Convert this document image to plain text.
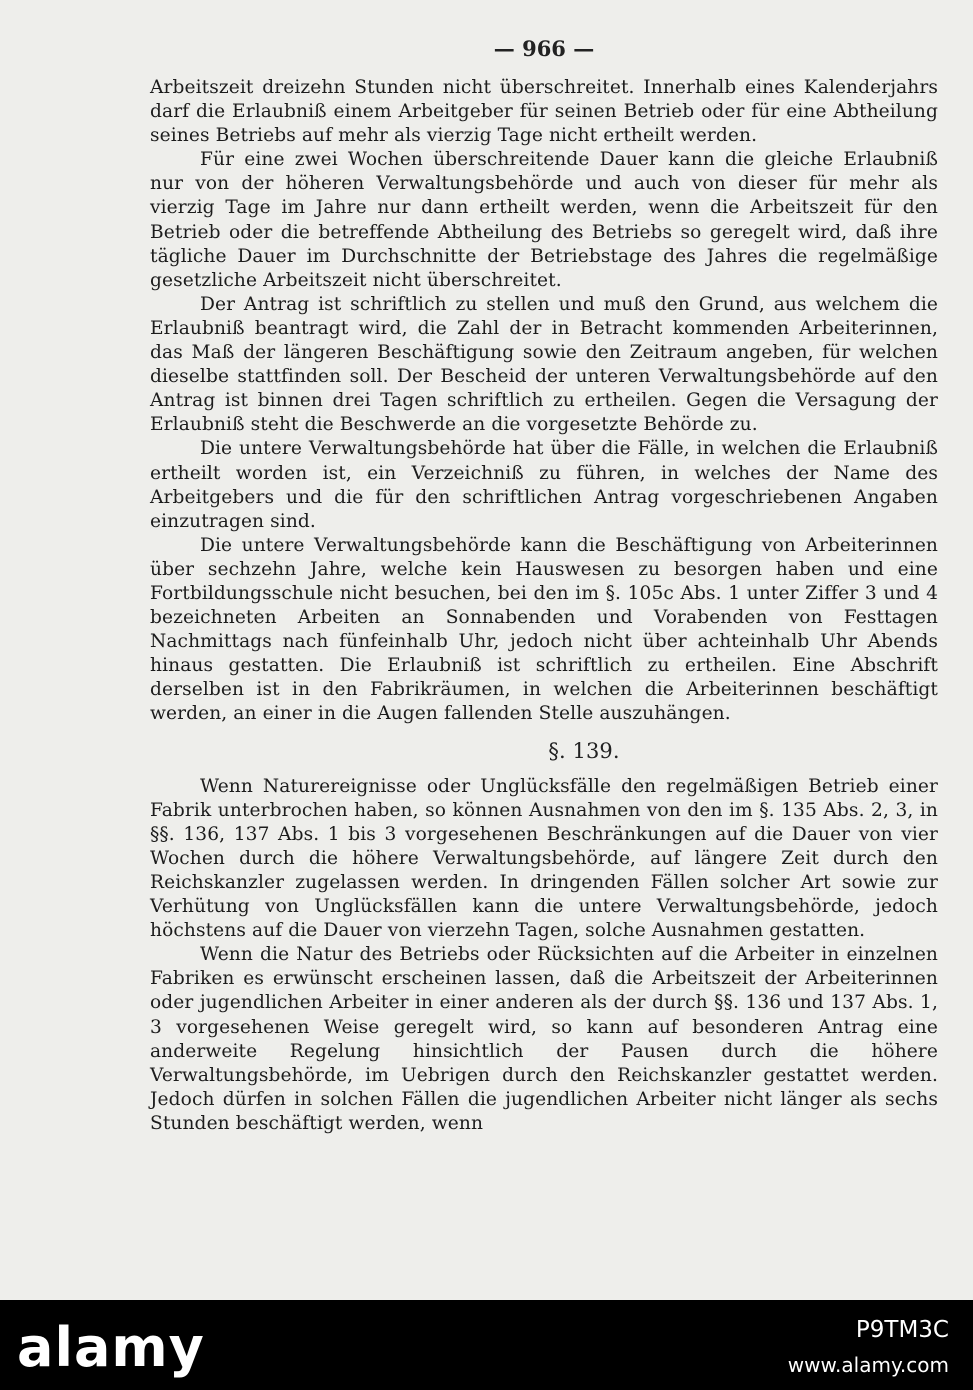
— 966 —

Arbeitszeit dreizehn Stunden nicht überschreitet. Innerhalb eines Kalenderjahrs darf die Erlaubniß einem Arbeitgeber für seinen Betrieb oder für eine Abtheilung seines Betriebs auf mehr als vierzig Tage nicht ertheilt werden.

Für eine zwei Wochen überschreitende Dauer kann die gleiche Erlaubniß nur von der höheren Verwaltungsbehörde und auch von dieser für mehr als vierzig Tage im Jahre nur dann ertheilt werden, wenn die Arbeitszeit für den Betrieb oder die betreffende Abtheilung des Betriebs so geregelt wird, daß ihre tägliche Dauer im Durchschnitte der Betriebstage des Jahres die regelmäßige gesetzliche Arbeitszeit nicht überschreitet.

Der Antrag ist schriftlich zu stellen und muß den Grund, aus welchem die Erlaubniß beantragt wird, die Zahl der in Betracht kommenden Arbeiterinnen, das Maß der längeren Beschäftigung sowie den Zeitraum angeben, für welchen dieselbe stattfinden soll. Der Bescheid der unteren Verwaltungsbehörde auf den Antrag ist binnen drei Tagen schriftlich zu ertheilen. Gegen die Versagung der Erlaubniß steht die Beschwerde an die vorgesetzte Behörde zu.

Die untere Verwaltungsbehörde hat über die Fälle, in welchen die Erlaubniß ertheilt worden ist, ein Verzeichniß zu führen, in welches der Name des Arbeitgebers und die für den schriftlichen Antrag vorgeschriebenen Angaben einzutragen sind.

Die untere Verwaltungsbehörde kann die Beschäftigung von Arbeiterinnen über sechzehn Jahre, welche kein Hauswesen zu besorgen haben und eine Fortbildungsschule nicht besuchen, bei den im §. 105c Abs. 1 unter Ziffer 3 und 4 bezeichneten Arbeiten an Sonnabenden und Vorabenden von Festtagen Nachmittags nach fünfeinhalb Uhr, jedoch nicht über achteinhalb Uhr Abends hinaus gestatten. Die Erlaubniß ist schriftlich zu ertheilen. Eine Abschrift derselben ist in den Fabrikräumen, in welchen die Arbeiterinnen beschäftigt werden, an einer in die Augen fallenden Stelle auszuhängen.

§. 139.

Wenn Naturereignisse oder Unglücksfälle den regelmäßigen Betrieb einer Fabrik unterbrochen haben, so können Ausnahmen von den im §. 135 Abs. 2, 3, in §§. 136, 137 Abs. 1 bis 3 vorgesehenen Beschränkungen auf die Dauer von vier Wochen durch die höhere Verwaltungsbehörde, auf längere Zeit durch den Reichskanzler zugelassen werden. In dringenden Fällen solcher Art sowie zur Verhütung von Unglücksfällen kann die untere Verwaltungsbehörde, jedoch höchstens auf die Dauer von vierzehn Tagen, solche Ausnahmen gestatten.

Wenn die Natur des Betriebs oder Rücksichten auf die Arbeiter in einzelnen Fabriken es erwünscht erscheinen lassen, daß die Arbeitszeit der Arbeiterinnen oder jugendlichen Arbeiter in einer anderen als der durch §§. 136 und 137 Abs. 1, 3 vorgesehenen Weise geregelt wird, so kann auf besonderen Antrag eine anderweite Regelung hinsichtlich der Pausen durch die höhere Verwaltungsbehörde, im Uebrigen durch den Reichskanzler gestattet werden. Jedoch dürfen in solchen Fällen die jugendlichen Arbeiter nicht länger als sechs Stunden beschäftigt werden, wenn

alamy	P9TM3C
www.alamy.com
